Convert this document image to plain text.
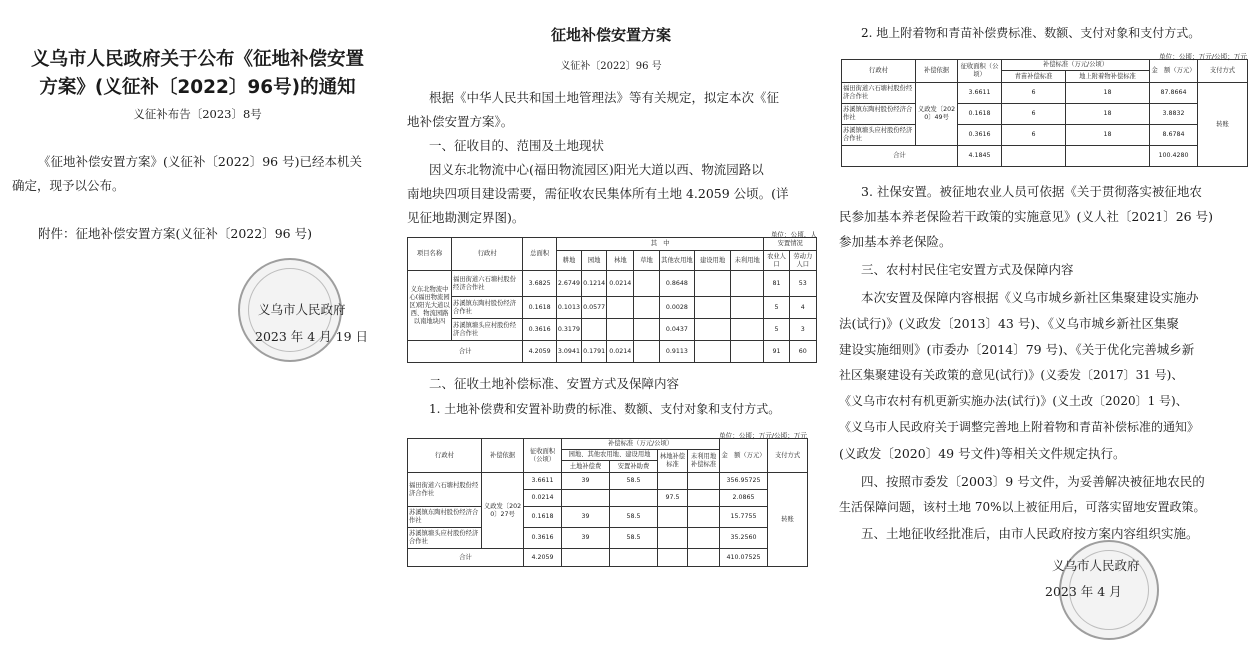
义乌市人民政府关于公布《征地补偿安置
方案》(义征补〔2022〕96号)的通知
义征补布告〔2023〕8号
《征地补偿安置方案》(义征补〔2022〕96 号)已经本机关
确定，现予以公布。
附件：征地补偿安置方案(义征补〔2022〕96 号)
义乌市人民政府
2023 年 4 月 19 日
征地补偿安置方案
义征补〔2022〕96 号
根据《中华人民共和国土地管理法》等有关规定，拟定本次《征
地补偿安置方案》。
一、征收目的、范围及土地现状
因义东北物流中心(福田物流园区)阳光大道以西、物流园路以
南地块四项目建设需要，需征收农民集体所有土地 4.2059 公顷。(详
见征地勘测定界图)。
单位：公顷、人
项目名称	行政村	总面积	其　中							安置情况	
			耕地	园地	林地	草地	其他农用地	建设用地	未利用地	农业人口	劳动力人口
义东北物流中心(福田物流园区)阳光大道以西、物流园路以南地块四	福田街道六石塘村股份经济合作社	3.6825	2.6749	0.1214	0.0214		0.8648			81	53
	苏溪镇东陶村股份经济合作社	0.1618	0.1013	0.0577			0.0028			5	4
	苏溪镇塘头应村股份经济合作社	0.3616	0.3179				0.0437			5	3
合计		4.2059	3.0941	0.1791	0.0214		0.9113			91	60
二、征收土地补偿标准、安置方式及保障内容
1. 土地补偿费和安置补助费的标准、数额、支付对象和支付方式。
单位：公顷；万元/公顷；万元
行政村	补偿依据	征收面积（公顷）	补偿标准（万元/公顷）				金　额（万元）	支付方式
			园地、其他农用地、建设用地		林地补偿标准	未利用地补偿标准		
			土地补偿费	安置补助费				
福田街道六石塘村股份经济合作社	义政发〔2020〕27号	3.6611	39	58.5			356.95725	转账
		0.0214			97.5		2.0865	
苏溪镇东陶村股份经济合作社		0.1618	39	58.5			15.7755	
苏溪镇塘头应村股份经济合作社		0.3616	39	58.5			35.2560	
合计		4.2059					410.07525	
2. 地上附着物和青苗补偿费标准、数额、支付对象和支付方式。
单位：公顷；万元/公顷；万元
行政村	补偿依据	征收面积（公顷）	补偿标准（万元/公顷）		金　额（万元）	支付方式
			青苗补偿标准	地上附着物补偿标准		
福田街道六石塘村股份经济合作社	义政发〔2020〕49号	3.6611	6	18	87.8664	转账
苏溪镇东陶村股份经济合作社		0.1618	6	18	3.8832	
苏溪镇塘头应村股份经济合作社		0.3616	6	18	8.6784	
合计		4.1845			100.4280	
3. 社保安置。被征地农业人员可依据《关于贯彻落实被征地农
民参加基本养老保险若干政策的实施意见》(义人社〔2021〕26 号)
参加基本养老保险。
三、农村村民住宅安置方式及保障内容
本次安置及保障内容根据《义乌市城乡新社区集聚建设实施办
法(试行)》(义政发〔2013〕43 号)、《义乌市城乡新社区集聚
建设实施细则》(市委办〔2014〕79 号)、《关于优化完善城乡新
社区集聚建设有关政策的意见(试行)》(义委发〔2017〕31 号)、
《义乌市农村有机更新实施办法(试行)》(义土改〔2020〕1 号)、
《义乌市人民政府关于调整完善地上附着物和青苗补偿标准的通知》
(义政发〔2020〕49 号文件)等相关文件规定执行。
四、按照市委发〔2003〕9 号文件，为妥善解决被征地农民的
生活保障问题，该村土地 70%以上被征用后，可落实留地安置政策。
五、土地征收经批准后，由市人民政府按方案内容组织实施。
义乌市人民政府
2023 年 4 月
